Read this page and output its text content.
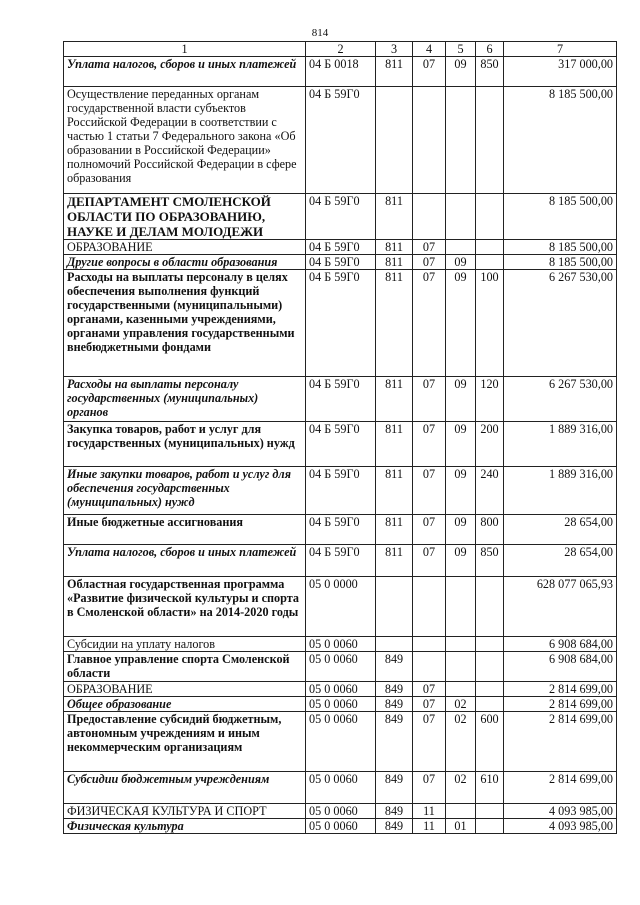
814
1	2	3	4	5	6	7
Уплата налогов, сборов и иных платежей	04 Б 0018	811	07	09	850	317 000,00
Осуществление переданных органам государственной власти субъектов Российской Федерации в соответствии с частью 1 статьи 7 Федерального закона «Об образовании в Российской Федерации» полномочий Российской Федерации в сфере образования	04 Б 59Г0					8 185 500,00
ДЕПАРТАМЕНТ СМОЛЕНСКОЙ ОБЛАСТИ ПО ОБРАЗОВАНИЮ, НАУКЕ И ДЕЛАМ МОЛОДЕЖИ	04 Б 59Г0	811				8 185 500,00
ОБРАЗОВАНИЕ	04 Б 59Г0	811	07			8 185 500,00
Другие вопросы в области образования	04 Б 59Г0	811	07	09		8 185 500,00
Расходы на выплаты персоналу в целях обеспечения выполнения функций государственными (муниципальными) органами, казенными учреждениями, органами управления государственными внебюджетными фондами	04 Б 59Г0	811	07	09	100	6 267 530,00
Расходы на выплаты персоналу государственных (муниципальных) органов	04 Б 59Г0	811	07	09	120	6 267 530,00
Закупка товаров, работ и услуг для государственных (муниципальных) нужд	04 Б 59Г0	811	07	09	200	1 889 316,00
Иные закупки товаров, работ и услуг для обеспечения государственных (муниципальных) нужд	04 Б 59Г0	811	07	09	240	1 889 316,00
Иные бюджетные ассигнования	04 Б 59Г0	811	07	09	800	28 654,00
Уплата налогов, сборов и иных платежей	04 Б 59Г0	811	07	09	850	28 654,00
Областная государственная программа «Развитие физической культуры и спорта в Смоленской области» на 2014-2020 годы	05 0 0000					628 077 065,93
Субсидии на уплату налогов	05 0 0060					6 908 684,00
Главное управление спорта Смоленской области	05 0 0060	849				6 908 684,00
ОБРАЗОВАНИЕ	05 0 0060	849	07			2 814 699,00
Общее образование	05 0 0060	849	07	02		2 814 699,00
Предоставление субсидий бюджетным, автономным учреждениям и иным некоммерческим организациям	05 0 0060	849	07	02	600	2 814 699,00
Субсидии бюджетным учреждениям	05 0 0060	849	07	02	610	2 814 699,00
ФИЗИЧЕСКАЯ КУЛЬТУРА И СПОРТ	05 0 0060	849	11			4 093 985,00
Физическая культура	05 0 0060	849	11	01		4 093 985,00
